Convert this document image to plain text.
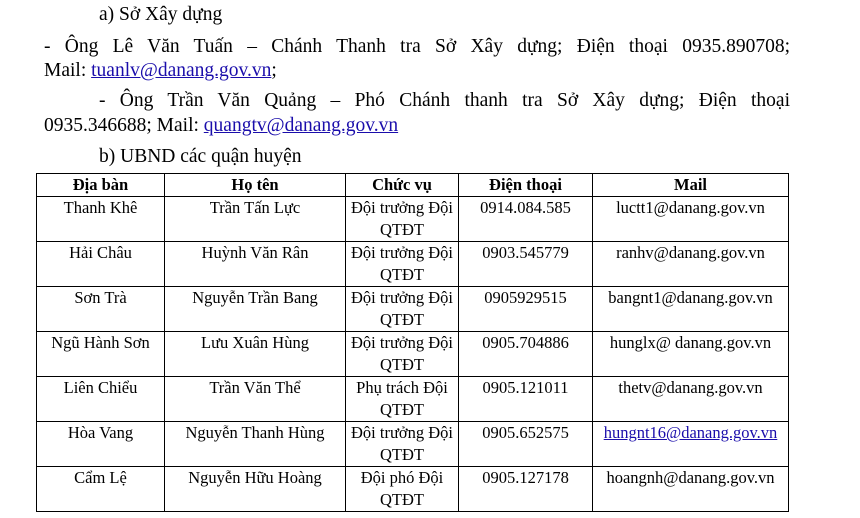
a) Sở Xây dựng
- Ông Lê Văn Tuấn – Chánh Thanh tra Sở Xây dựng; Điện thoại 0935.890708;
Mail: tuanlv@danang.gov.vn;
- Ông Trần Văn Quảng – Phó Chánh thanh tra Sở Xây dựng; Điện thoại
0935.346688; Mail: quangtv@danang.gov.vn
b) UBND các quận huyện
Địa bàn	Họ tên	Chức vụ	Điện thoại	Mail
Thanh Khê	Trần Tấn Lực	Đội trưởng Đội QTĐT	0914.084.585	luctt1@danang.gov.vn
Hải Châu	Huỳnh Văn Rân	Đội trưởng Đội QTĐT	0903.545779	ranhv@danang.gov.vn
Sơn Trà	Nguyễn Trần Bang	Đội trưởng Đội QTĐT	0905929515	bangnt1@danang.gov.vn
Ngũ Hành Sơn	Lưu Xuân Hùng	Đội trưởng Đội QTĐT	0905.704886	hunglx@ danang.gov.vn
Liên Chiểu	Trần Văn Thể	Phụ trách Đội QTĐT	0905.121011	thetv@danang.gov.vn
Hòa Vang	Nguyễn Thanh Hùng	Đội trưởng Đội QTĐT	0905.652575	hungnt16@danang.gov.vn
Cẩm Lệ	Nguyễn Hữu Hoàng	Đội phó Đội QTĐT	0905.127178	hoangnh@danang.gov.vn
